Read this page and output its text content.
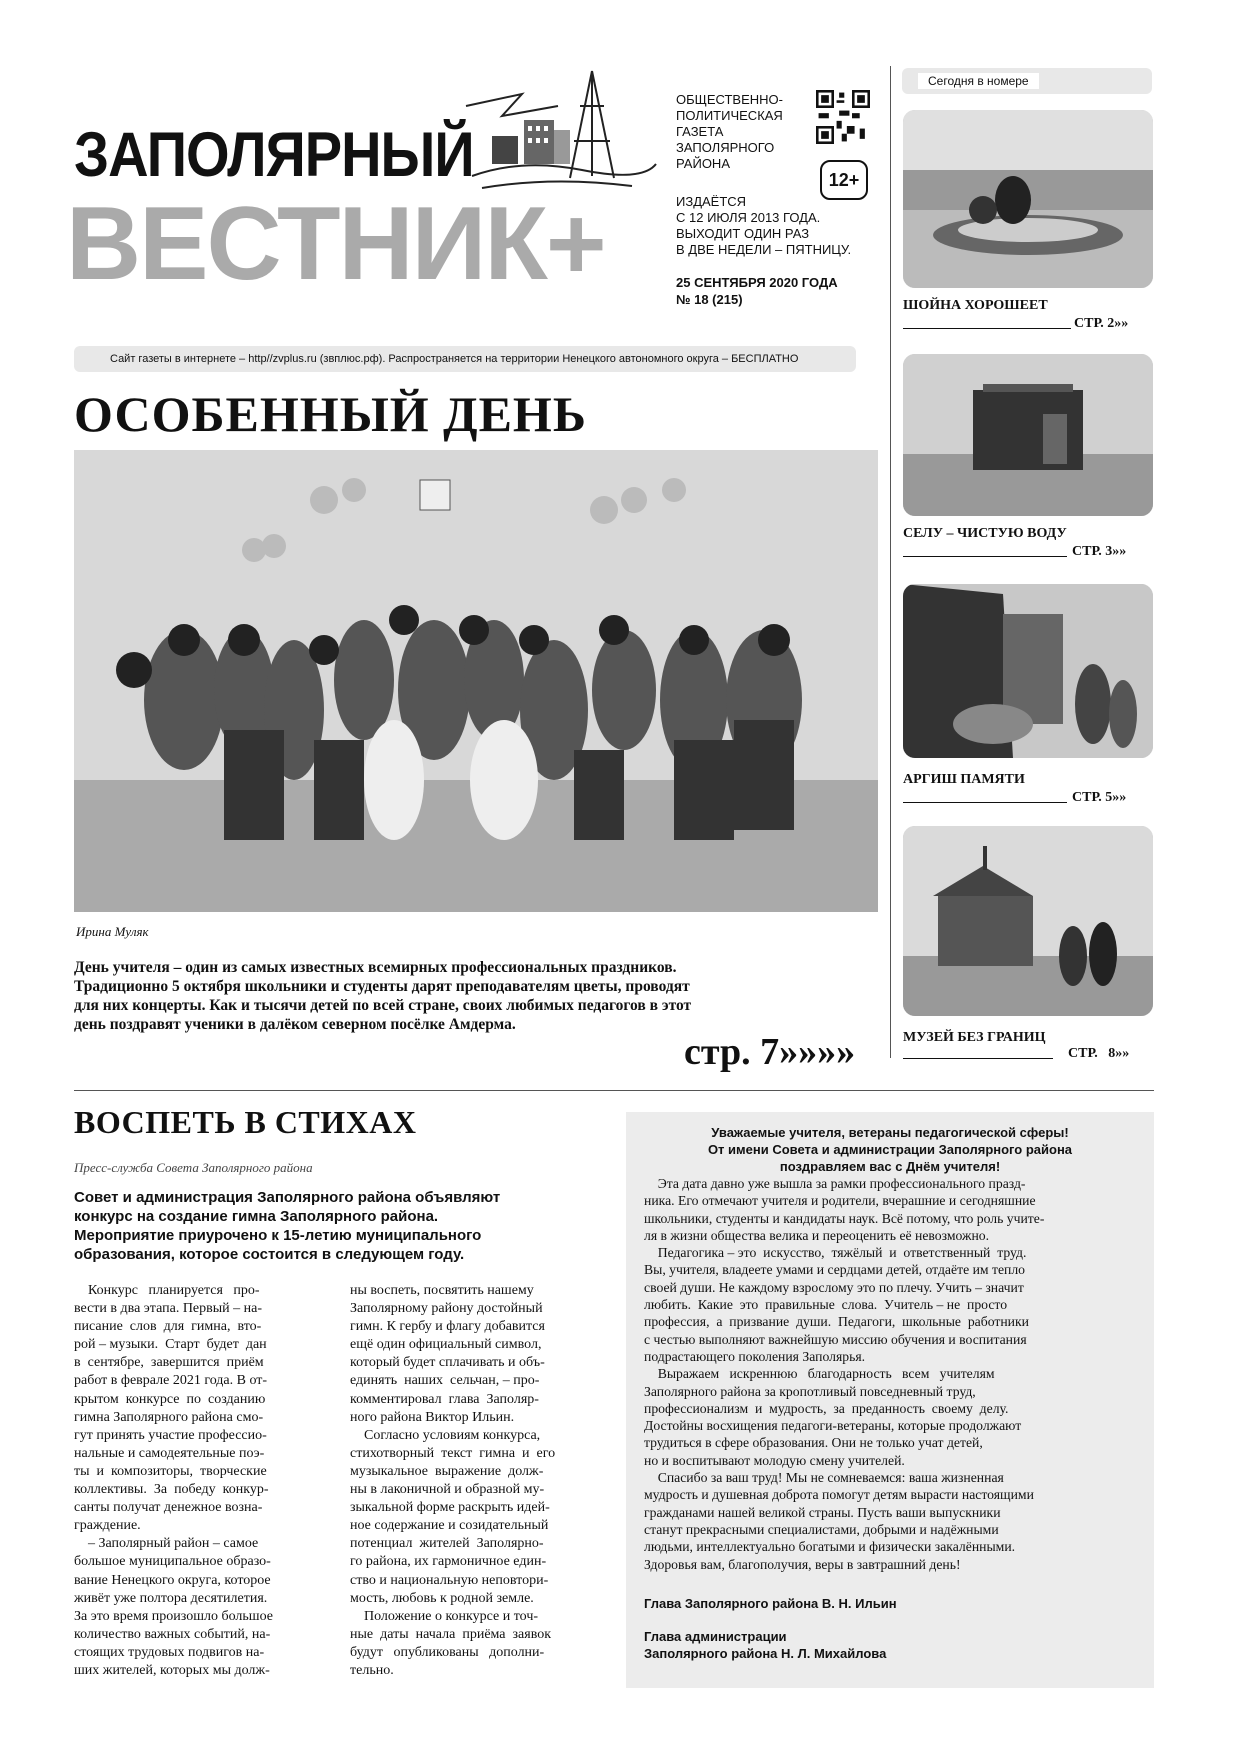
ЗАПОЛЯРНЫЙ
ВЕСТНИК+
ОБЩЕСТВЕННО-
ПОЛИТИЧЕСКАЯ
ГАЗЕТА
ЗАПОЛЯРНОГО
РАЙОНА
12+
ИЗДАЁТСЯ
С 12 ИЮЛЯ 2013 ГОДА.
ВЫХОДИТ ОДИН РАЗ
В ДВЕ НЕДЕЛИ – ПЯТНИЦУ.
25 СЕНТЯБРЯ 2020 ГОДА
№ 18 (215)
Сайт газеты в интернете – http//zvplus.ru (звплюс.рф). Распространяется на территории Ненецкого автономного округа – БЕСПЛАТНО
ОСОБЕННЫЙ ДЕНЬ
Ирина Муляк

День учителя – один из самых известных всемирных профессиональных праздников.

Традиционно 5 октября школьники и студенты дарят преподавателям цветы, проводят

для них концерты. Как и тысячи детей по всей стране, своих любимых педагогов в этот

день поздравят ученики в далёком северном посёлке Амдерма.

стр. 7»»»»
Сегодня в номере
ШОЙНА ХОРОШЕЕТ
СТР. 2»»
СЕЛУ – ЧИСТУЮ ВОДУ
СТР. 3»»
АРГИШ ПАМЯТИ
СТР. 5»»
МУЗЕЙ БЕЗ ГРАНИЦ
СТР.   8»»
ВОСПЕТЬ В СТИХАХ
Пресс-служба Совета Заполярного района

Совет и администрация Заполярного района объявляют

конкурс на создание гимна Заполярного района.

Мероприятие приурочено к 15-летию муниципального

образования, которое состоится в следующем году.

Конкурс   планируется   про-

вести в два этапа. Первый – на-

писание  слов  для  гимна,  вто-

рой – музыки.  Старт  будет  дан

в  сентябре,  завершится  приём

работ в феврале 2021 года. В от-

крытом  конкурсе  по  созданию

гимна Заполярного района смо-

гут принять участие профессио-

нальные и самодеятельные поэ-

ты  и  композиторы,  творческие

коллективы.  За  победу  конкур-

санты получат денежное возна-

граждение.

– Заполярный район – самое

большое муниципальное образо-

вание Ненецкого округа, которое

живёт уже полтора десятилетия.

За это время произошло большое

количество важных событий, на-

стоящих трудовых подвигов на-

ших жителей, которых мы долж-

ны воспеть, посвятить нашему

Заполярному району достойный

гимн. К гербу и флагу добавится

ещё один официальный символ,

который будет сплачивать и объ-

единять  наших  сельчан, – про-

комментировал  глава  Заполяр-

ного района Виктор Ильин.

Согласно условиям конкурса,

стихотворный  текст  гимна  и  его

музыкальное  выражение  долж-

ны в лаконичной и образной му-

зыкальной форме раскрыть идей-

ное содержание и созидательный

потенциал  жителей  Заполярно-

го района, их гармоничное един-

ство и национальную неповтори-

мость, любовь к родной земле.

Положение о конкурсе и точ-

ные  даты  начала  приёма  заявок

будут   опубликованы   дополни-

тельно.

Уважаемые учителя, ветераны педагогической сферы!

От имени Совета и администрации Заполярного района

поздравляем вас с Днём учителя!

Эта дата давно уже вышла за рамки профессионального празд-

ника. Его отмечают учителя и родители, вчерашние и сегодняшние

школьники, студенты и кандидаты наук. Всё потому, что роль учите-

ля в жизни общества велика и переоценить её невозможно.

Педагогика – это  искусство,  тяжёлый  и  ответственный  труд.

Вы, учителя, владеете умами и сердцами детей, отдаёте им тепло

своей души. Не каждому взрослому это по плечу. Учить – значит

любить.  Какие  это  правильные  слова.  Учитель – не  просто

профессия,  а  призвание  души.  Педагоги,  школьные  работники

с честью выполняют важнейшую миссию обучения и воспитания

подрастающего поколения Заполярья.

Выражаем   искреннюю   благодарность   всем   учителям

Заполярного района за кропотливый повседневный труд,

профессионализм  и  мудрость,  за  преданность  своему  делу.

Достойны восхищения педагоги-ветераны, которые продолжают

трудиться в сфере образования. Они не только учат детей,

но и воспитывают молодую смену учителей.

Спасибо за ваш труд! Мы не сомневаемся: ваша жизненная

мудрость и душевная доброта помогут детям вырасти настоящими

гражданами нашей великой страны. Пусть ваши выпускники

станут прекрасными специалистами, добрыми и надёжными

людьми, интеллектуально богатыми и физически закалёнными.

Здоровья вам, благополучия, веры в завтрашний день!

Глава Заполярного района В. Н. Ильин

Глава администрации

Заполярного района Н. Л. Михайлова
